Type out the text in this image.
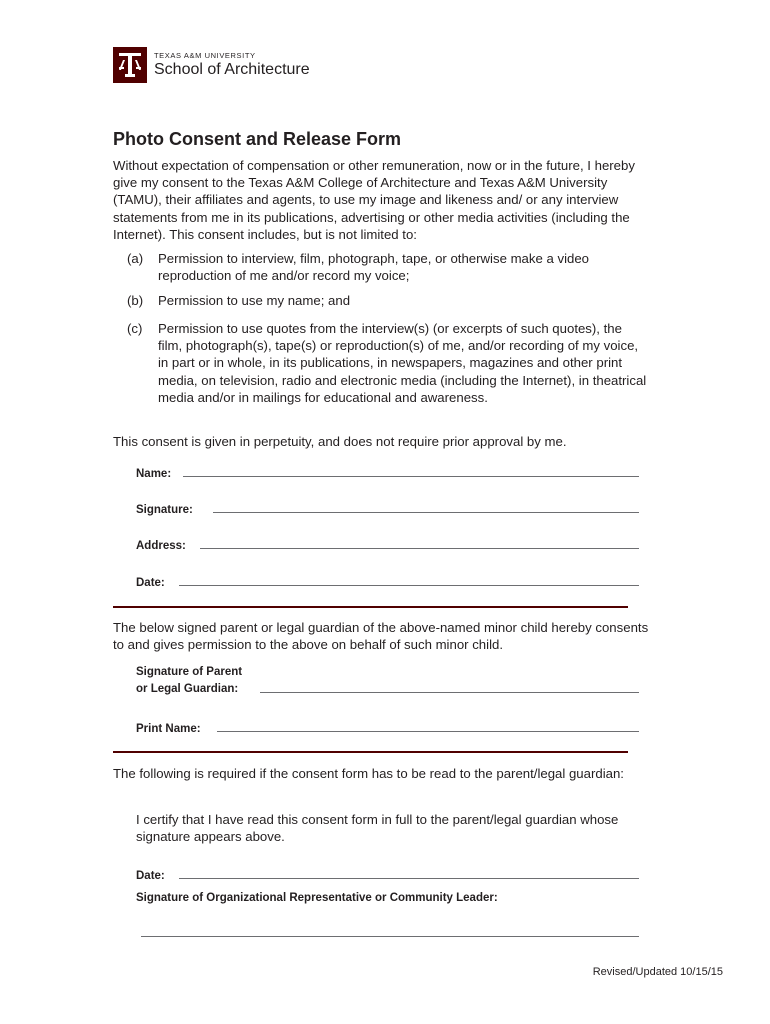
TEXAS A&M UNIVERSITY
School of Architecture
Photo Consent and Release Form

Without expectation of compensation or other remuneration, now or in the future, I hereby give my consent to the Texas A&M College of Architecture and Texas A&M University (TAMU), their affiliates and agents, to use my image and likeness and/ or any interview statements from me in its publications, advertising or other media activities (including the Internet). This consent includes, but is not limited to:

(a)	Permission to interview, film, photograph, tape, or otherwise make a video reproduction of me and/or record my voice;
(b)	Permission to use my name; and
(c)	Permission to use quotes from the interview(s) (or excerpts of such quotes), the film, photograph(s), tape(s) or reproduction(s) of me, and/or recording of my voice, in part or in whole, in its publications, in newspapers, magazines and other print media, on television, radio and electronic media (including the Internet), in theatrical media and/or in mailings for educational and awareness.

This consent is given in perpetuity, and does not require prior approval by me.

Name:
Signature:
Address:
Date:

The below signed parent or legal guardian of the above-named minor child hereby consents to and gives permission to the above on behalf of such minor child.

Signature of Parent
or Legal Guardian:
Print Name:

The following is required if the consent form has to be read to the parent/legal guardian:

I certify that I have read this consent form in full to the parent/legal guardian whose signature appears above.

Date:

Signature of Organizational Representative or Community Leader:

Revised/Updated 10/15/15
